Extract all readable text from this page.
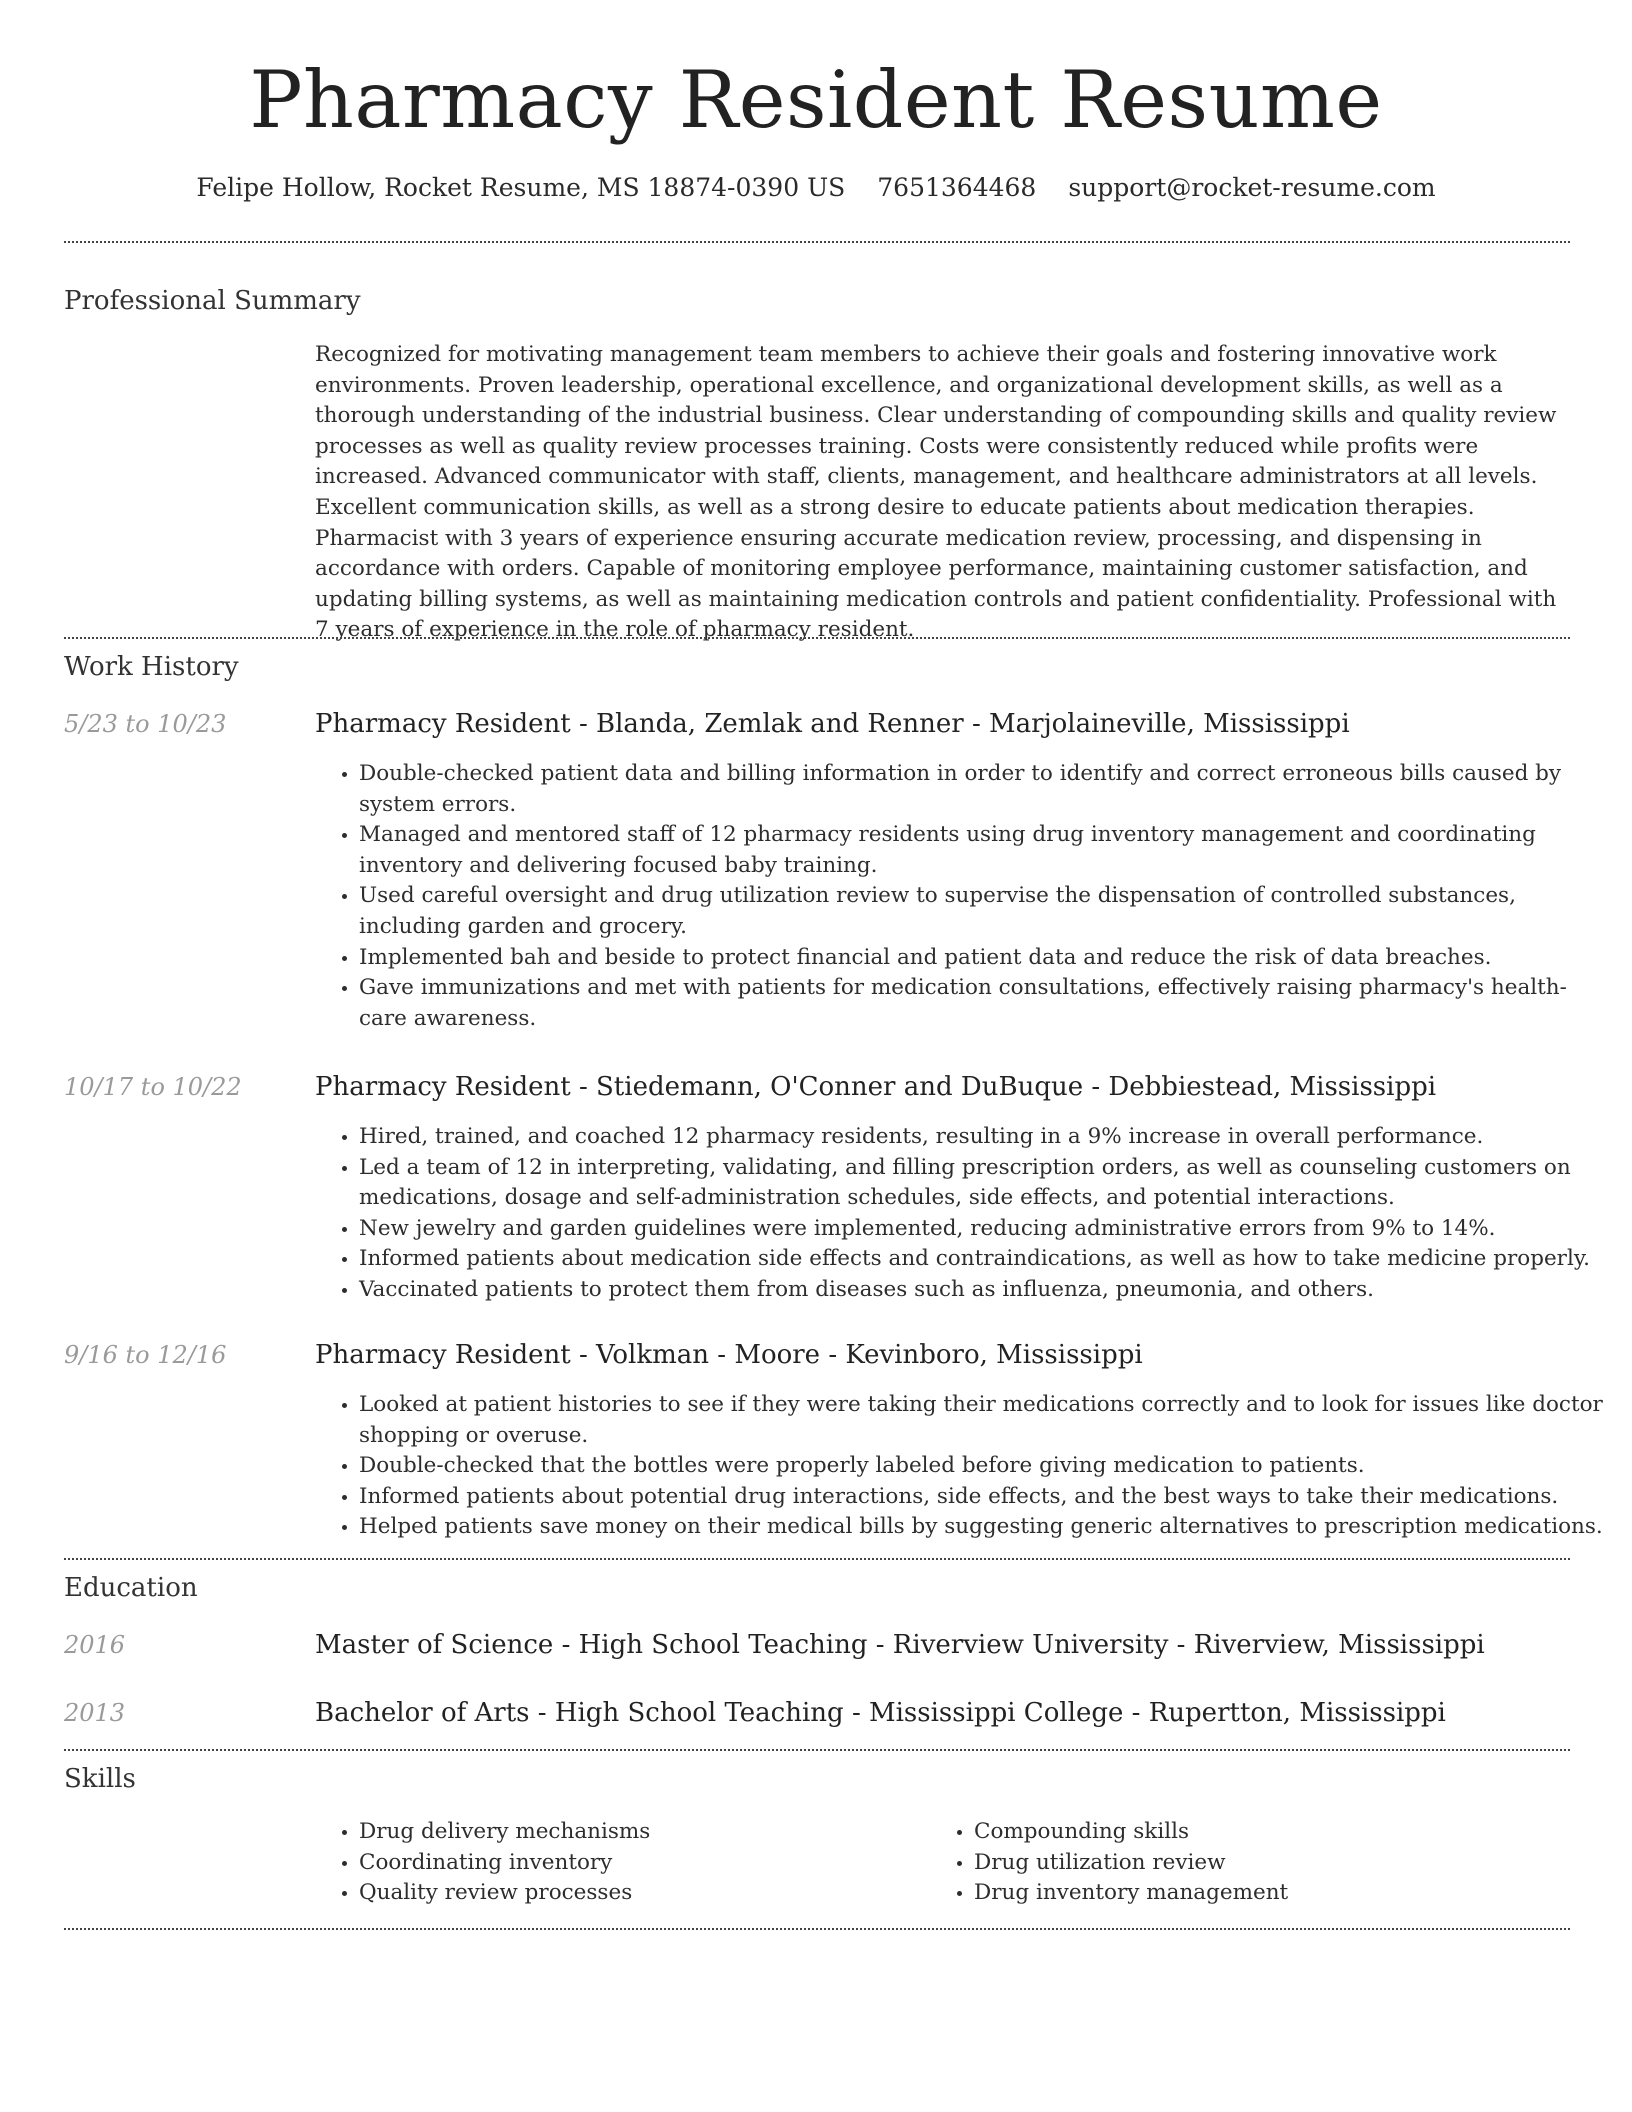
Pharmacy Resident Resume
Felipe Hollow, Rocket Resume, MS 18874-0390 US 7651364468 support@rocket-resume.com
Professional Summary

Recognized for motivating management team members to achieve their goals and fostering innovative work environments. Proven leadership, operational excellence, and organizational development skills, as well as a thorough understanding of the industrial business. Clear understanding of compounding skills and quality review processes as well as quality review processes training. Costs were consistently reduced while profits were increased. Advanced communicator with staff, clients, management, and healthcare administrators at all levels. Excellent communication skills, as well as a strong desire to educate patients about medication therapies. Pharmacist with 3 years of experience ensuring accurate medication review, processing, and dispensing in accordance with orders. Capable of monitoring employee performance, maintaining customer satisfaction, and updating billing systems, as well as maintaining medication controls and patient confidentiality. Professional with 7 years of experience in the role of pharmacy resident.

Work History
5/23 to 10/23	Pharmacy Resident - Blanda, Zemlak and Renner - Marjolaineville, Mississippi
• Double-checked patient data and billing information in order to identify and correct erroneous bills caused by system errors.
• Managed and mentored staff of 12 pharmacy residents using drug inventory management and coordinating inventory and delivering focused baby training.
• Used careful oversight and drug utilization review to supervise the dispensation of controlled substances, including garden and grocery.
• Implemented bah and beside to protect financial and patient data and reduce the risk of data breaches.
• Gave immunizations and met with patients for medication consultations, effectively raising pharmacy's health-care awareness.
10/17 to 10/22	Pharmacy Resident - Stiedemann, O'Conner and DuBuque - Debbiestead, Mississippi
• Hired, trained, and coached 12 pharmacy residents, resulting in a 9% increase in overall performance.
• Led a team of 12 in interpreting, validating, and filling prescription orders, as well as counseling customers on medications, dosage and self-administration schedules, side effects, and potential interactions.
• New jewelry and garden guidelines were implemented, reducing administrative errors from 9% to 14%.
• Informed patients about medication side effects and contraindications, as well as how to take medicine properly.
• Vaccinated patients to protect them from diseases such as influenza, pneumonia, and others.
9/16 to 12/16	Pharmacy Resident - Volkman - Moore - Kevinboro, Mississippi
• Looked at patient histories to see if they were taking their medications correctly and to look for issues like doctor shopping or overuse.
• Double-checked that the bottles were properly labeled before giving medication to patients.
• Informed patients about potential drug interactions, side effects, and the best ways to take their medications.
• Helped patients save money on their medical bills by suggesting generic alternatives to prescription medications.
Education
2016	Master of Science - High School Teaching - Riverview University - Riverview, Mississippi
2013	Bachelor of Arts - High School Teaching - Mississippi College - Rupertton, Mississippi
Skills
• Drug delivery mechanisms
• Coordinating inventory
• Quality review processes
• Compounding skills
• Drug utilization review
• Drug inventory management
